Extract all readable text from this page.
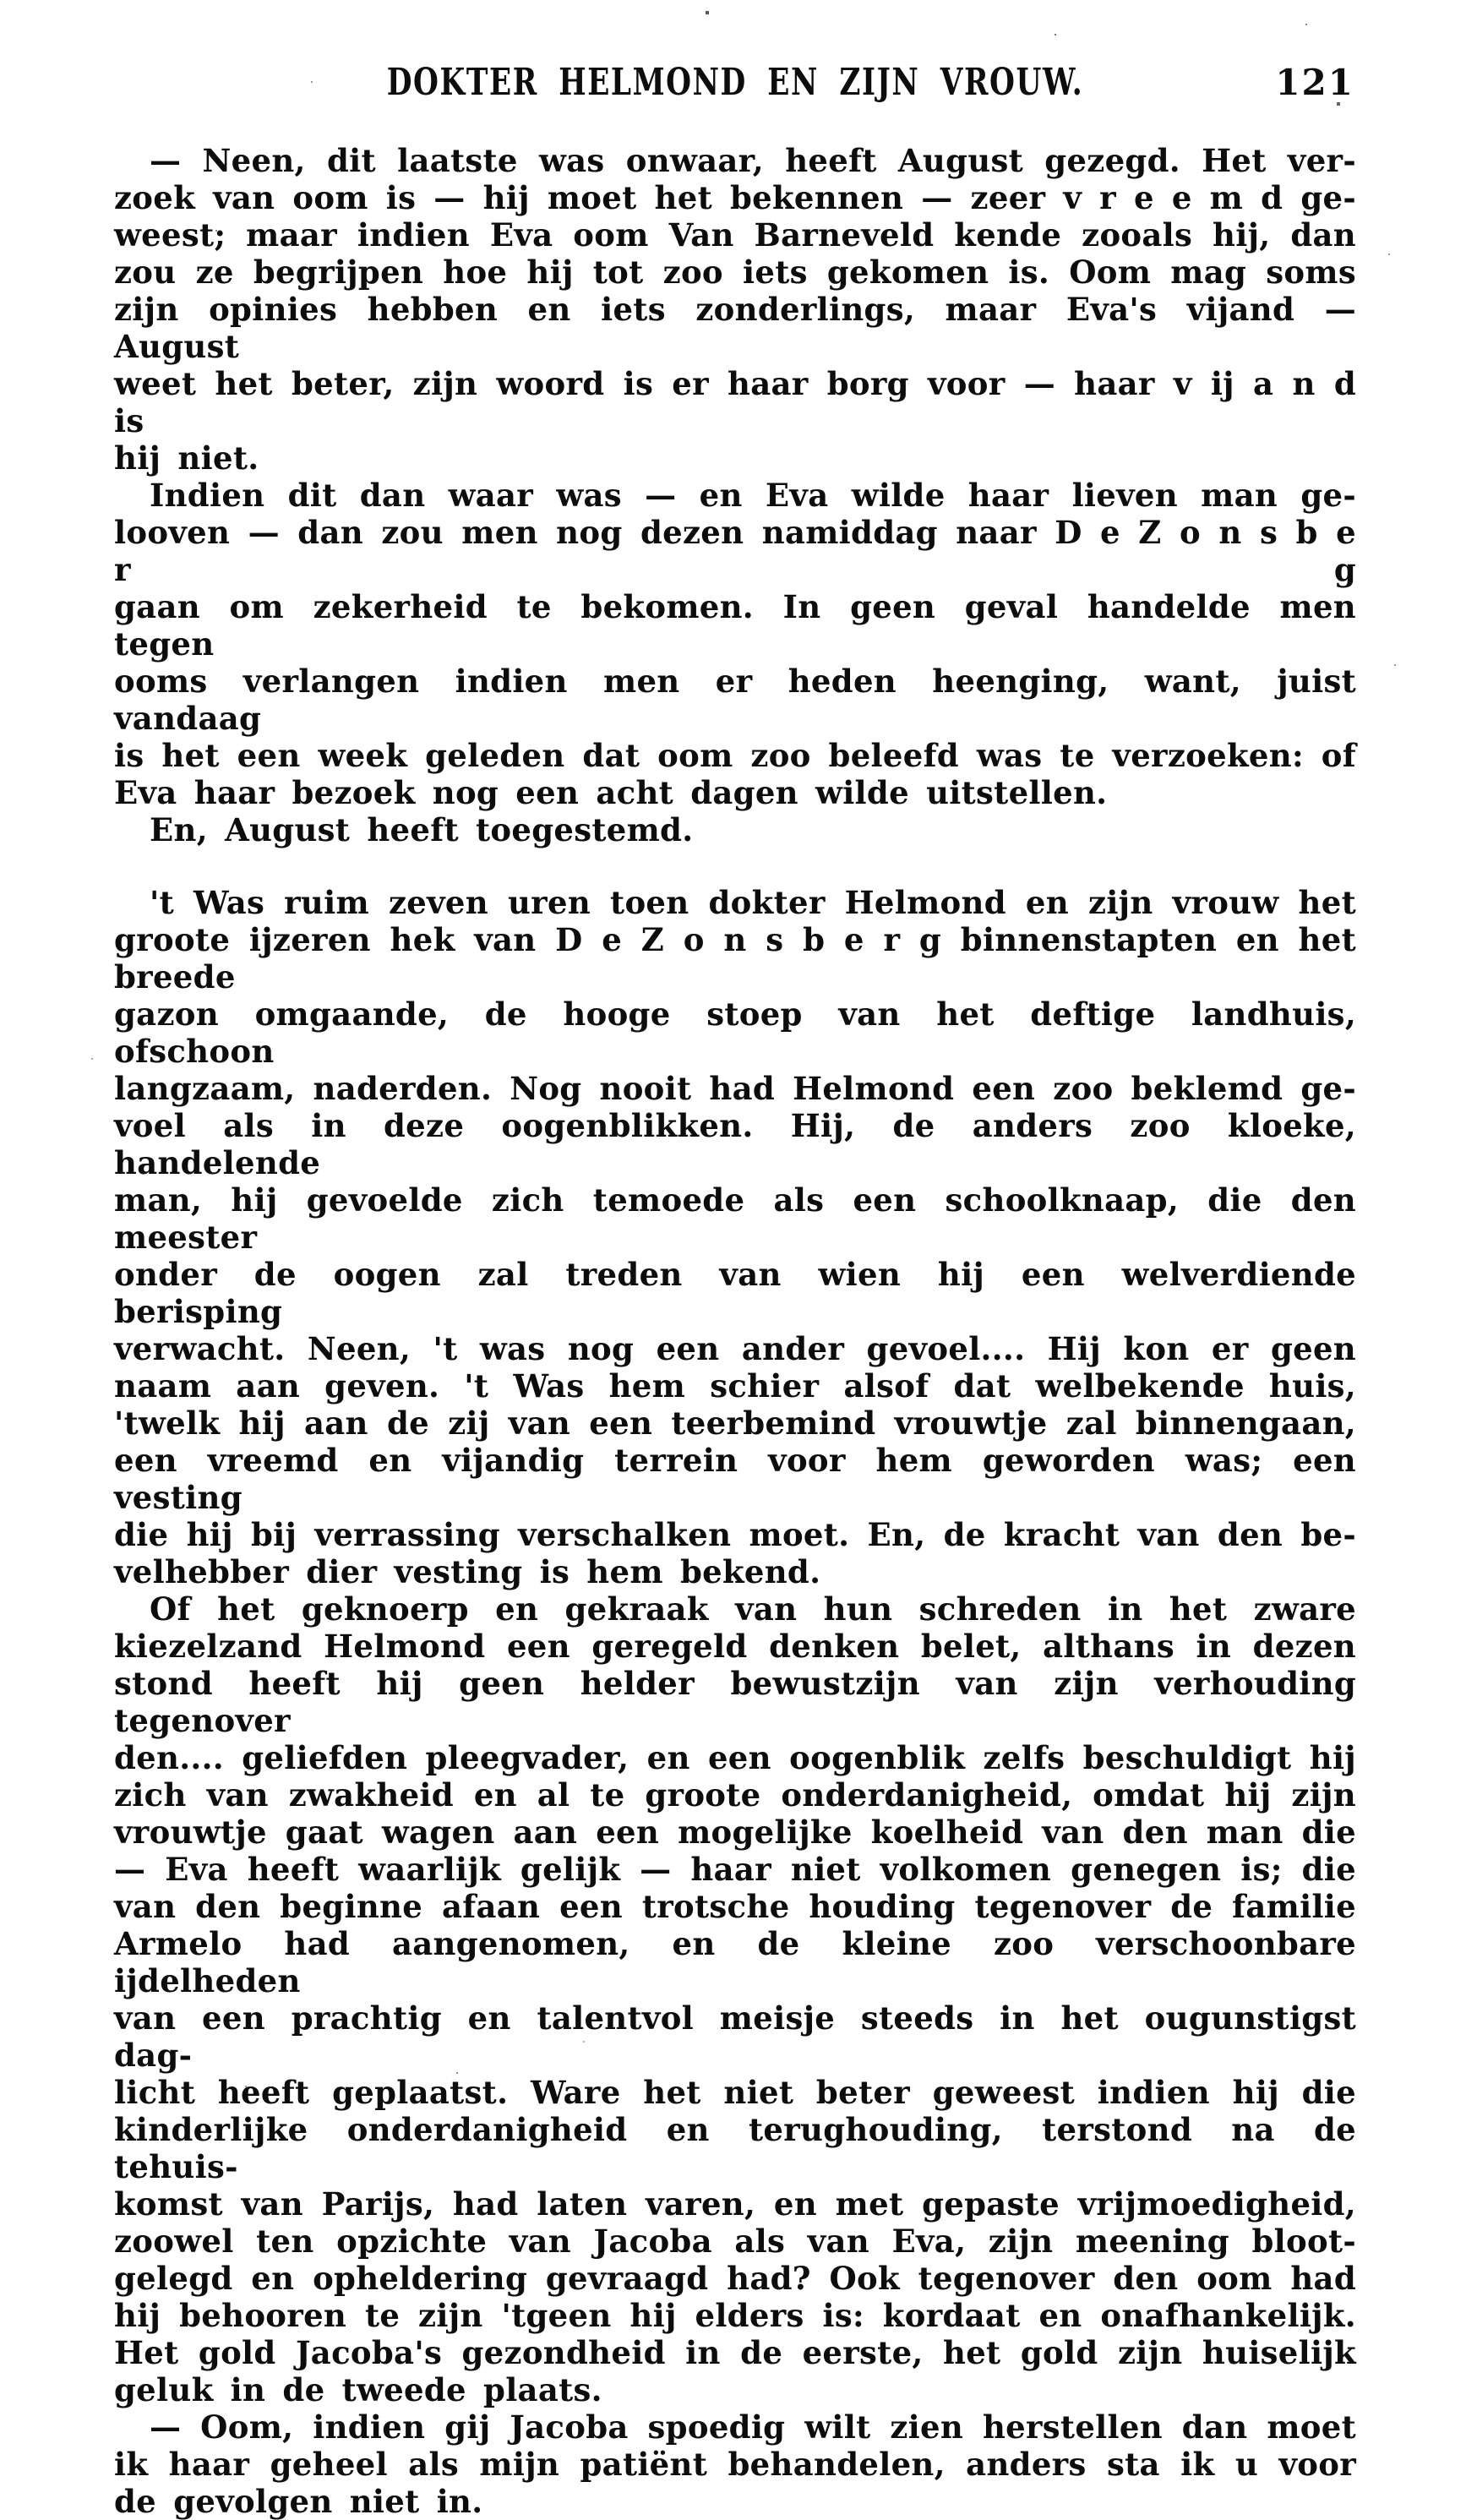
DOKTER HELMOND EN ZIJN VROUW.	121
— Neen, dit laatste was onwaar, heeft August gezegd. Het ver-
zoek van oom is — hij moet het bekennen — zeer v r e e m d ge-
weest; maar indien Eva oom Van Barneveld kende zooals hij, dan
zou ze begrijpen hoe hij tot zoo iets gekomen is. Oom mag soms
zijn opinies hebben en iets zonderlings, maar Eva's vijand — August
weet het beter, zijn woord is er haar borg voor — haar v ij a n d is
hij niet.
Indien dit dan waar was — en Eva wilde haar lieven man ge-
looven — dan zou men nog dezen namiddag naar D e Z o n s b e r g
gaan om zekerheid te bekomen. In geen geval handelde men tegen
ooms verlangen indien men er heden heenging, want, juist vandaag
is het een week geleden dat oom zoo beleefd was te verzoeken: of
Eva haar bezoek nog een acht dagen wilde uitstellen.
En, August heeft toegestemd.
't Was ruim zeven uren toen dokter Helmond en zijn vrouw het
groote ijzeren hek van D e Z o n s b e r g binnenstapten en het breede
gazon omgaande, de hooge stoep van het deftige landhuis, ofschoon
langzaam, naderden. Nog nooit had Helmond een zoo beklemd ge-
voel als in deze oogenblikken. Hij, de anders zoo kloeke, handelende
man, hij gevoelde zich temoede als een schoolknaap, die den meester
onder de oogen zal treden van wien hij een welverdiende berisping
verwacht. Neen, 't was nog een ander gevoel.... Hij kon er geen
naam aan geven. 't Was hem schier alsof dat welbekende huis,
'twelk hij aan de zij van een teerbemind vrouwtje zal binnengaan,
een vreemd en vijandig terrein voor hem geworden was; een vesting
die hij bij verrassing verschalken moet. En, de kracht van den be-
velhebber dier vesting is hem bekend.
Of het geknoerp en gekraak van hun schreden in het zware
kiezelzand Helmond een geregeld denken belet, althans in dezen
stond heeft hij geen helder bewustzijn van zijn verhouding tegenover
den.... geliefden pleegvader, en een oogenblik zelfs beschuldigt hij
zich van zwakheid en al te groote onderdanigheid, omdat hij zijn
vrouwtje gaat wagen aan een mogelijke koelheid van den man die
— Eva heeft waarlijk gelijk — haar niet volkomen genegen is; die
van den beginne afaan een trotsche houding tegenover de familie
Armelo had aangenomen, en de kleine zoo verschoonbare ijdelheden
van een prachtig en talentvol meisje steeds in het ougunstigst dag-
licht heeft geplaatst. Ware het niet beter geweest indien hij die
kinderlijke onderdanigheid en terughouding, terstond na de tehuis-
komst van Parijs, had laten varen, en met gepaste vrijmoedigheid,
zoowel ten opzichte van Jacoba als van Eva, zijn meening bloot-
gelegd en opheldering gevraagd had? Ook tegenover den oom had
hij behooren te zijn 'tgeen hij elders is: kordaat en onafhankelijk.
Het gold Jacoba's gezondheid in de eerste, het gold zijn huiselijk
geluk in de tweede plaats.
— Oom, indien gij Jacoba spoedig wilt zien herstellen dan moet
ik haar geheel als mijn patiënt behandelen, anders sta ik u voor
de gevolgen niet in.
